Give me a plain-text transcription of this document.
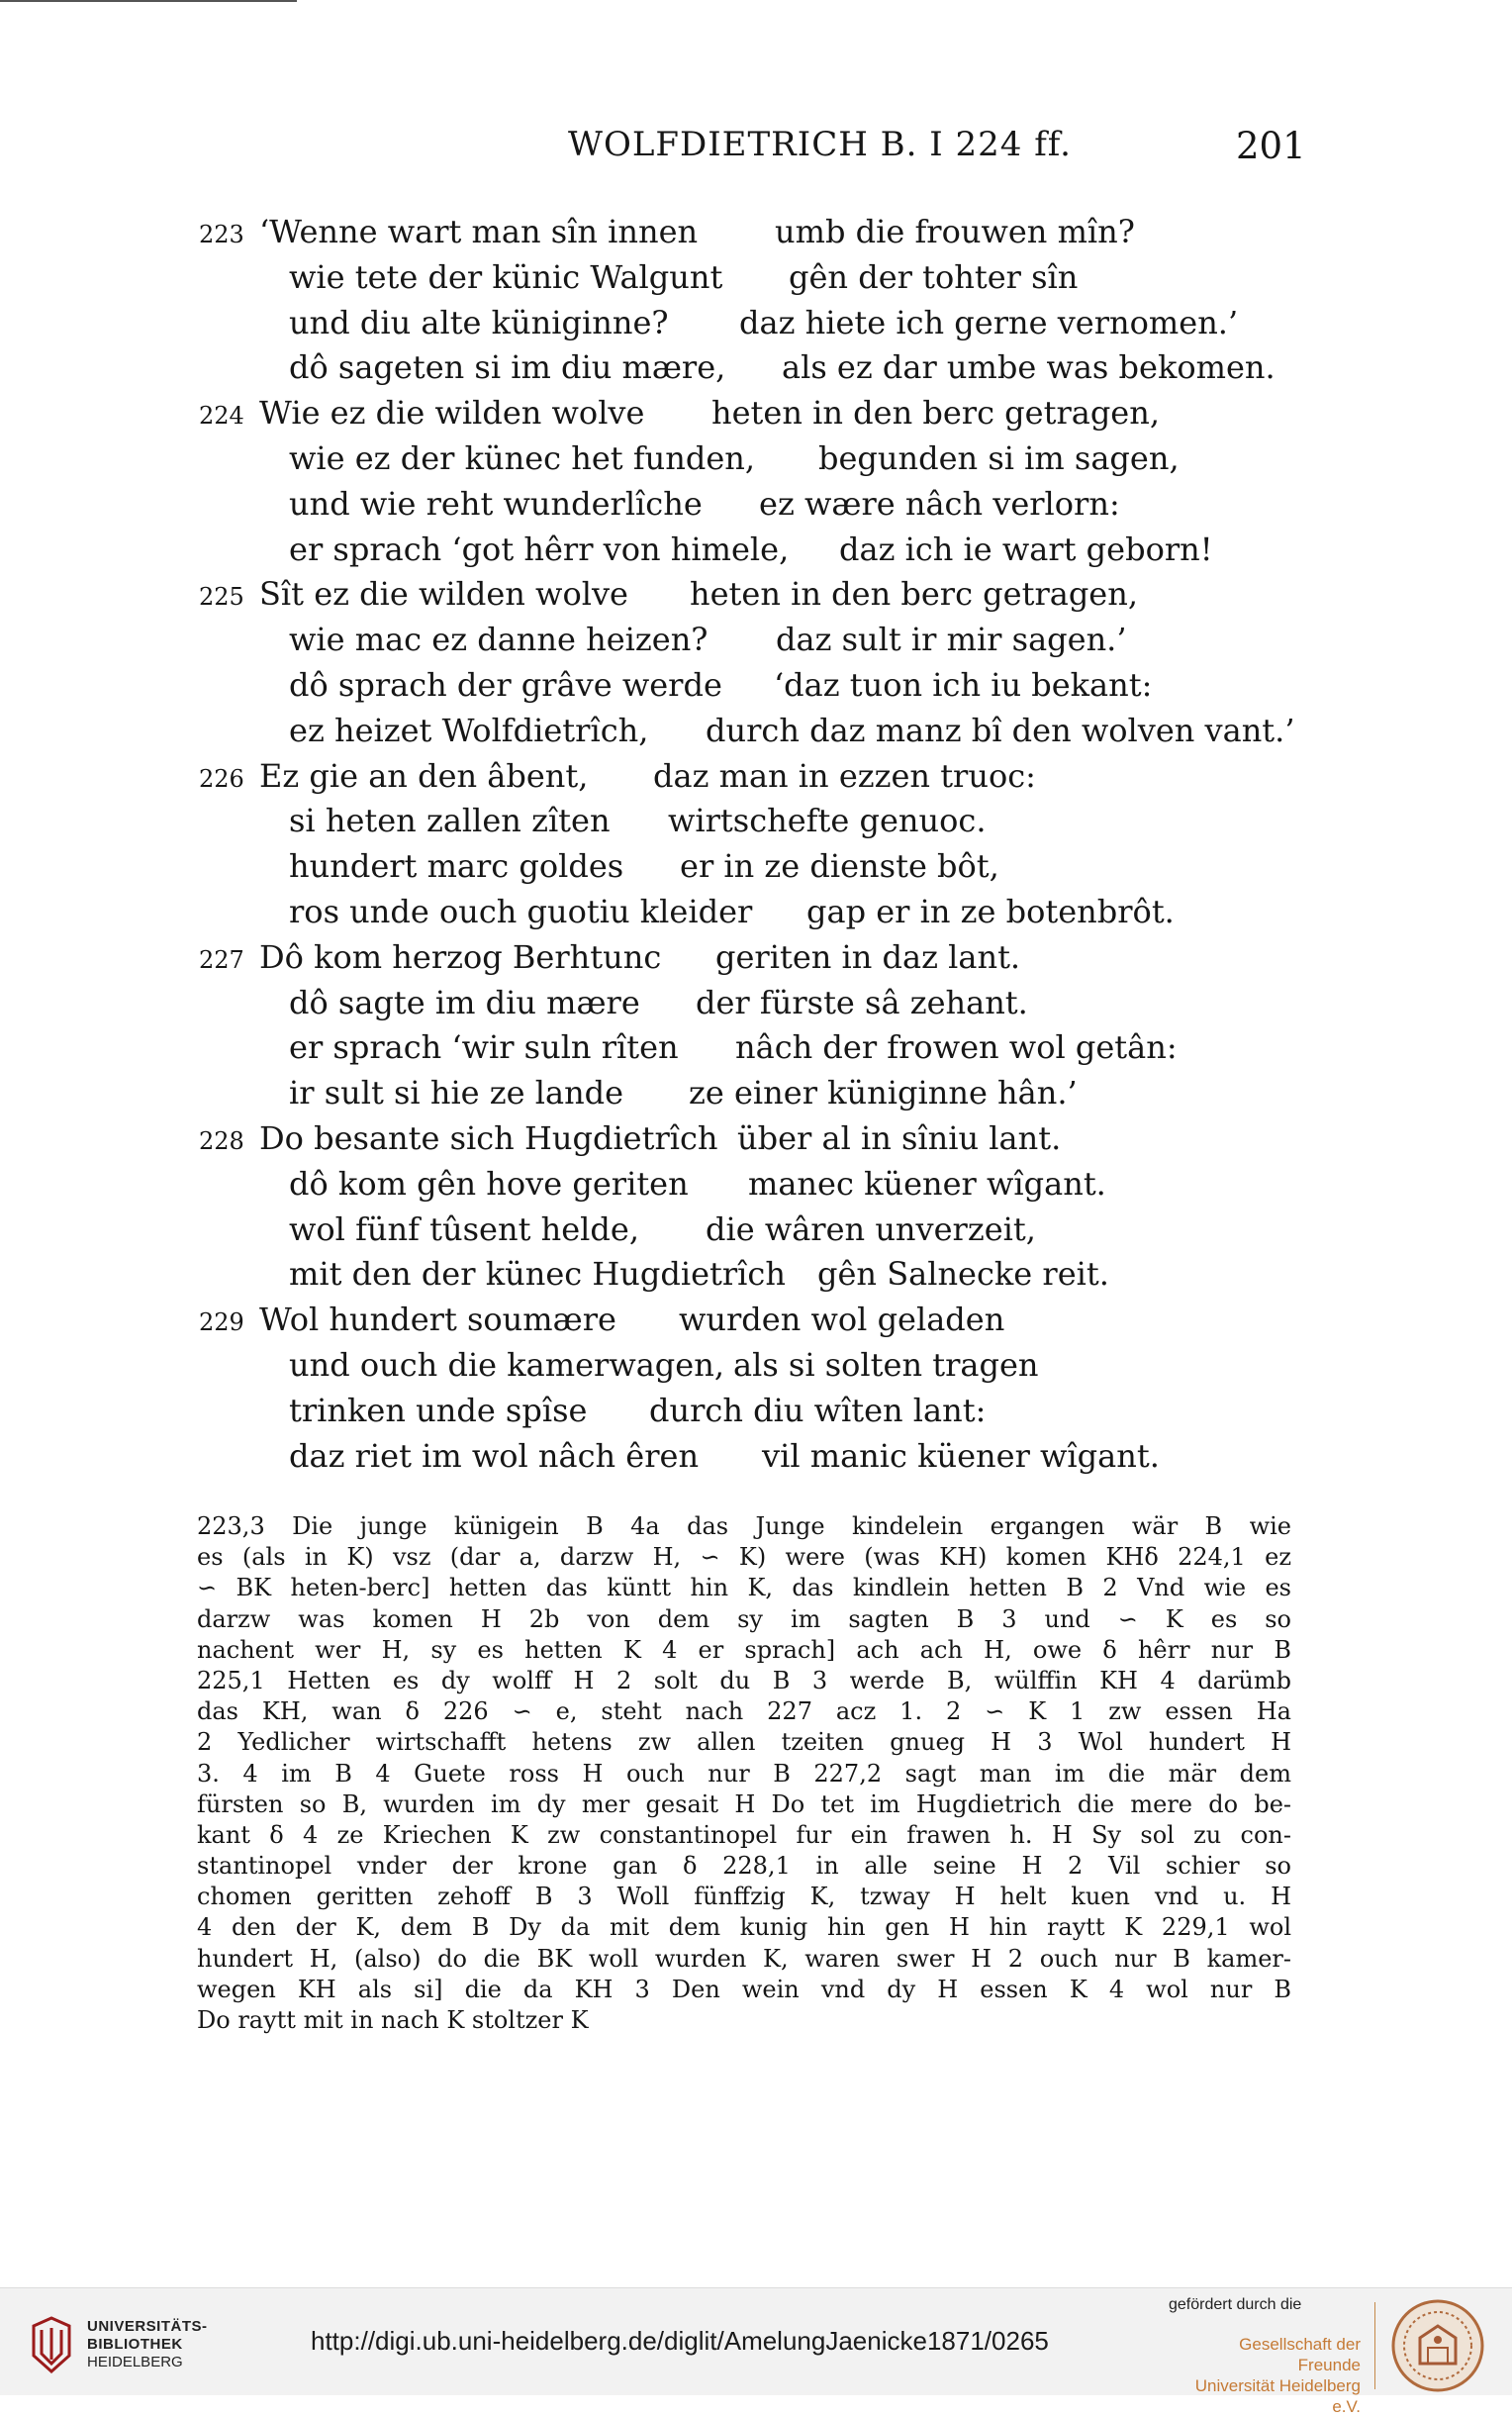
WOLFDIETRICH B. I 224 ff.	201
223 ‘Wenne wart man sîn innen umb die frouwen mîn?
wie tete der künic Walgunt gên der tohter sîn
und diu alte küniginne? daz hiete ich gerne vernomen.’
dô sageten si im diu mære, als ez dar umbe was bekomen.
224 Wie ez die wilden wolve heten in den berc getragen,
wie ez der künec het funden, begunden si im sagen,
und wie reht wunderlîche ez wære nâch verlorn:
er sprach ‘got hêrr von himele, daz ich ie wart geborn!
225 Sît ez die wilden wolve heten in den berc getragen,
wie mac ez danne heizen? daz sult ir mir sagen.’
dô sprach der grâve werde ‘daz tuon ich iu bekant:
ez heizet Wolfdietrîch, durch daz manz bî den wolven vant.’
226 Ez gie an den âbent, daz man in ezzen truoc:
si heten zallen zîten wirtschefte genuoc.
hundert marc goldes er in ze dienste bôt,
ros unde ouch guotiu kleider gap er in ze botenbrôt.
227 Dô kom herzog Berhtunc geriten in daz lant.
dô sagte im diu mære der fürste sâ zehant.
er sprach ‘wir suln rîten nâch der frowen wol getân:
ir sult si hie ze lande ze einer küniginne hân.’
228 Do besante sich Hugdietrîch über al in sîniu lant.
dô kom gên hove geriten manec küener wîgant.
wol fünf tûsent helde, die wâren unverzeit,
mit den der künec Hugdietrîch gên Salnecke reit.
229 Wol hundert soumære wurden wol geladen
und ouch die kamerwagen, als si solten tragen
trinken unde spîse durch diu wîten lant:
daz riet im wol nâch êren vil manic küener wîgant.
223,3 Die junge künigein B 4a das Junge kindelein ergangen wär B wie
es (als in K) vsz (dar a, darzw H, ∽ K) were (was KH) komen KHδ 224,1 ez
∽ BK heten-berc] hetten das küntt hin K, das kindlein hetten B 2 Vnd wie es
darzw was komen H 2b von dem sy im sagten B 3 und ∽ K es so
nachent wer H, sy es hetten K 4 er sprach] ach ach H, owe δ hêrr nur B
225,1 Hetten es dy wolff H 2 solt du B 3 werde B, wülffin KH 4 darümb
das KH, wan δ 226 ∽ e, steht nach 227 acz 1. 2 ∽ K 1 zw essen Ha
2 Yedlicher wirtschafft hetens zw allen tzeiten gnueg H 3 Wol hundert H
3. 4 im B 4 Guete ross H ouch nur B 227,2 sagt man im die mär dem
fürsten so B, wurden im dy mer gesait H Do tet im Hugdietrich die mere do be-
kant δ 4 ze Kriechen K zw constantinopel fur ein frawen h. H Sy sol zu con-
stantinopel vnder der krone gan δ 228,1 in alle seine H 2 Vil schier so
chomen geritten zehoff B 3 Woll fünffzig K, tzway H helt kuen vnd u. H
4 den der K, dem B Dy da mit dem kunig hin gen H hin raytt K 229,1 wol
hundert H, (also) do die BK woll wurden K, waren swer H 2 ouch nur B kamer-
wegen KH als si] die da KH 3 Den wein vnd dy H essen K 4 wol nur B
Do raytt mit in nach K stoltzer K
UNIVERSITÄTS-
BIBLIOTHEK
HEIDELBERG
http://digi.ub.uni-heidelberg.de/diglit/AmelungJaenicke1871/0265
gefördert durch die
Gesellschaft der Freunde
Universität Heidelberg e.V.
